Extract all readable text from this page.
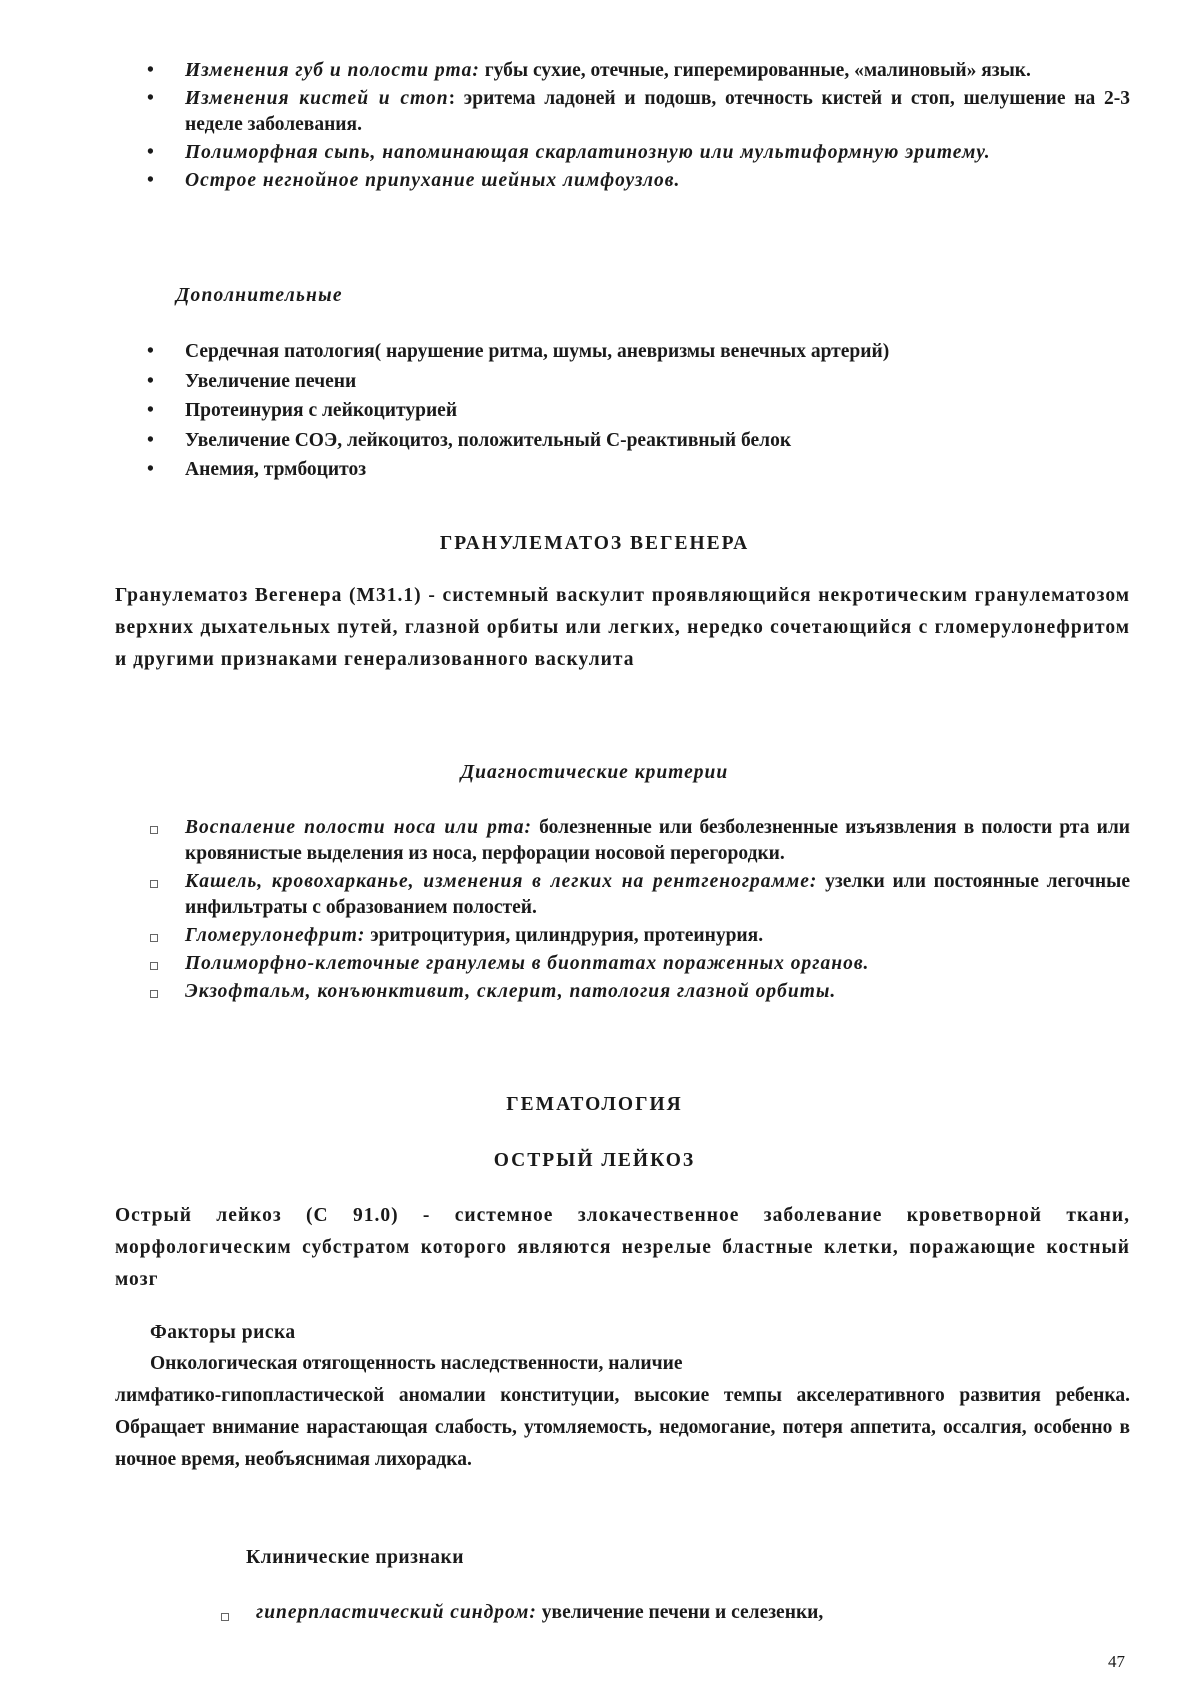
• Изменения губ и полости рта: губы сухие, отечные, гиперемированные, «малиновый» язык.
• Изменения кистей и стоп: эритема ладоней и подошв, отечность кистей и стоп, шелушение на 2-3 неделе заболевания.
• Полиморфная сыпь, напоминающая скарлатинозную или мультиформную эритему.
• Острое негнойное припухание шейных лимфоузлов.
Дополнительные
• Сердечная патология( нарушение ритма, шумы, аневризмы венечных артерий)
• Увеличение печени
• Протеинурия с лейкоцитурией
• Увеличение СОЭ, лейкоцитоз, положительный С-реактивный белок
• Анемия, трмбоцитоз
ГРАНУЛЕМАТОЗ ВЕГЕНЕРА
Гранулематоз Вегенера (М31.1) - системный васкулит проявляющийся некротическим гранулематозом верхних дыхательных путей, глазной орбиты или легких, нередко сочетающийся с гломерулонефритом и другими признаками генерализованного васкулита
Диагностические критерии
Воспаление полости носа или рта: болезненные или безболезненные изъязвления в полости рта или кровянистые выделения из носа, перфорации носовой перегородки.
Кашель, кровохарканье, изменения в легких на рентгенограмме: узелки или постоянные легочные инфильтраты с образованием полостей.
Гломерулонефрит: эритроцитурия, цилиндрурия, протеинурия.
Полиморфно-клеточные гранулемы в биоптатах пораженных органов.
Экзофтальм, конъюнктивит, склерит, патология глазной орбиты.
ГЕМАТОЛОГИЯ
ОСТРЫЙ ЛЕЙКОЗ
Острый лейкоз (С 91.0) - системное злокачественное заболевание кроветворной ткани, морфологическим субстратом которого являются незрелые бластные клетки, поражающие костный мозг
Факторы риска
Онкологическая отягощенность наследственности, наличие
лимфатико-гипопластической аномалии конституции, высокие темпы акселеративного развития ребенка. Обращает внимание нарастающая слабость, утомляемость, недомогание, потеря аппетита, оссалгия, особенно в ночное время, необъяснимая лихорадка.
Клинические признаки
гиперпластический синдром: увеличение печени и селезенки,
47
